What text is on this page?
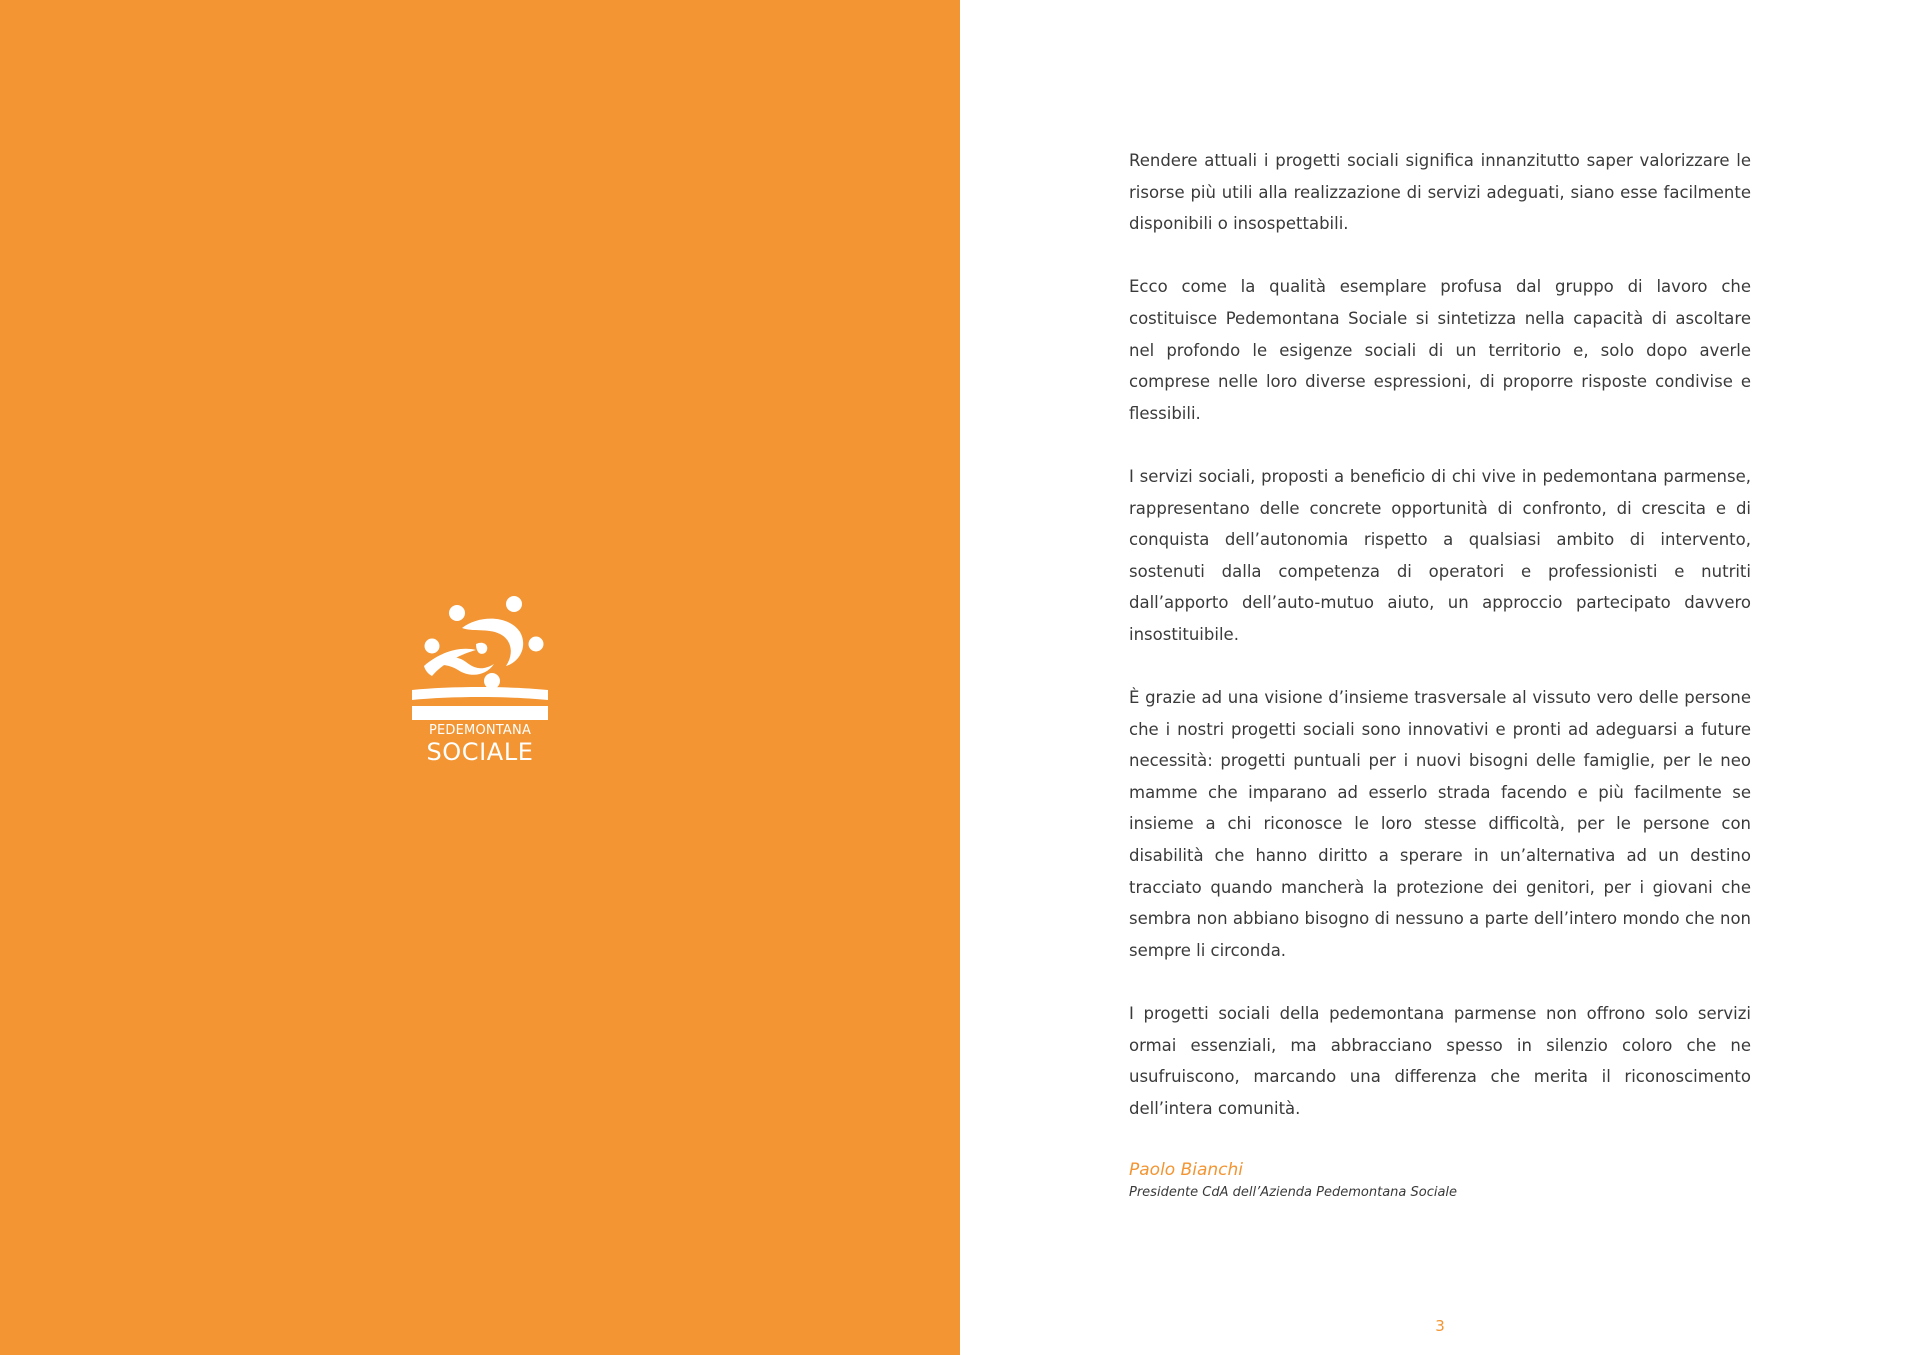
PEDEMONTANA
SOCIALE

Rendere attuali i progetti sociali significa innanzitutto saper valorizzare le risorse più utili alla realizzazione di servizi adeguati, siano esse facilmente disponibili o insospettabili.

Ecco come la qualità esemplare profusa dal gruppo di lavoro che costituisce Pedemontana Sociale si sintetizza nella capacità di ascoltare nel profondo le esigenze sociali di un territorio e, solo dopo averle comprese nelle loro diverse espressioni, di proporre risposte condivise e flessibili.

I servizi sociali, proposti a beneficio di chi vive in pedemontana parmense, rappresentano delle concrete opportunità di confronto, di crescita e di conquista dell’autonomia rispetto a qualsiasi ambito di intervento, sostenuti dalla competenza di operatori e professionisti e nutriti dall’apporto dell’auto-mutuo aiuto, un approccio partecipato davvero insostituibile.

È grazie ad una visione d’insieme trasversale al vissuto vero delle persone che i nostri progetti sociali sono innovativi e pronti ad adeguarsi a future necessità: progetti puntuali per i nuovi bisogni delle famiglie, per le neo mamme che imparano ad esserlo strada facendo e più facilmente se insieme a chi riconosce le loro stesse difficoltà, per le persone con disabilità che hanno diritto a sperare in un’alternativa ad un destino tracciato quando mancherà la protezione dei genitori, per i giovani che sembra non abbiano bisogno di nessuno a parte dell’intero mondo che non sempre li circonda.

I progetti sociali della pedemontana parmense non offrono solo servizi ormai essenziali, ma abbracciano spesso in silenzio coloro che ne usufruiscono, marcando una differenza che merita il riconoscimento dell’intera comunità.

Paolo Bianchi
Presidente CdA dell’Azienda Pedemontana Sociale
3
